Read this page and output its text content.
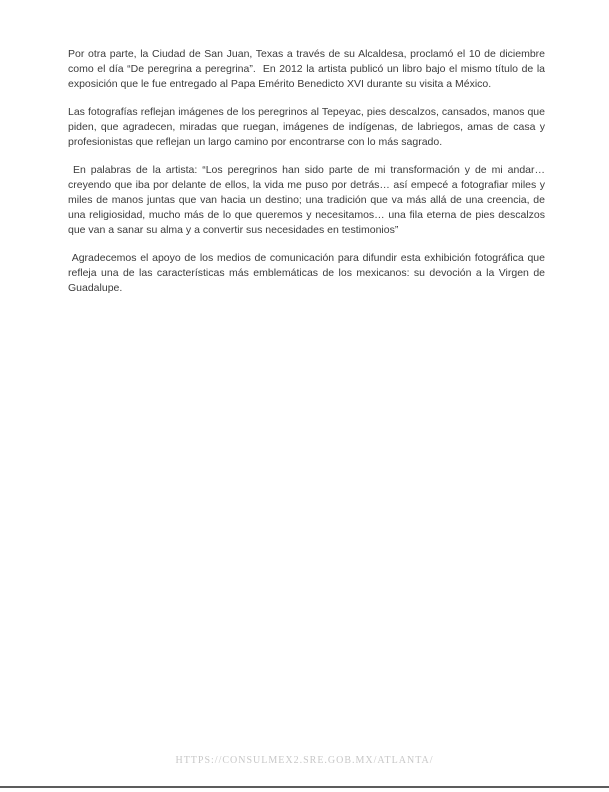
Por otra parte, la Ciudad de San Juan, Texas a través de su Alcaldesa, proclamó el 10 de diciembre como el día “De peregrina a peregrina”.  En 2012 la artista publicó un libro bajo el mismo título de la exposición que le fue entregado al Papa Emérito Benedicto XVI durante su visita a México.

Las fotografías reflejan imágenes de los peregrinos al Tepeyac, pies descalzos, cansados, manos que piden, que agradecen, miradas que ruegan, imágenes de indígenas, de labriegos, amas de casa y profesionistas que reflejan un largo camino por encontrarse con lo más sagrado.

En palabras de la artista: “Los peregrinos han sido parte de mi transformación y de mi andar… creyendo que iba por delante de ellos, la vida me puso por detrás… así empecé a fotografiar miles y miles de manos juntas que van hacia un destino; una tradición que va más allá de una creencia, de una religiosidad, mucho más de lo que queremos y necesitamos… una fila eterna de pies descalzos que van a sanar su alma y a convertir sus necesidades en testimonios”

Agradecemos el apoyo de los medios de comunicación para difundir esta exhibición fotográfica que refleja una de las características más emblemáticas de los mexicanos: su devoción a la Virgen de Guadalupe.

HTTPS://CONSULMEX2.SRE.GOB.MX/ATLANTA/
